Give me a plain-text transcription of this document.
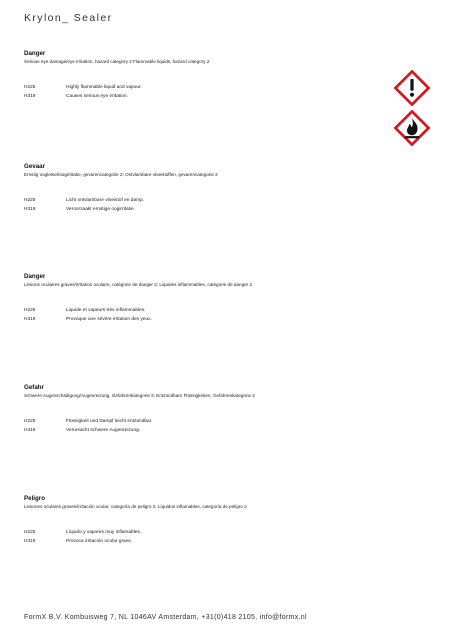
Krylon_ Sealer
Danger
Serious eye damage/eye irritation, hazard category 2 Flammable liquids, hazard category 2
H225	Highly flammable liquid and vapour.
H319	Causes serious eye irritation.
Gevaar
Ernstig oogletsel/oogirritatie, gevarencategorie 2; Ontvlambare vloeistoffen, gevarencategorie 2
H225	Licht ontvlambare vloeistof en damp.
H319	Veroorzaakt ernstige oogirritatie.
Danger
Lésions oculaires graves/irritation oculaire, catégorie de danger 2; Liquides inflammables, catégorie de danger 2
H225	Liquide et vapeurs très inflammables.
H319	Provoque une sévère irritation des yeux.
Gefahr
Schwere Augenschädigung/Augenreizung, Gefahrenkategorie 2; Entzündbare Flüssigkeiten, Gefahrenkategorie 2
H225	Flüssigkeit und Dampf leicht entzündbar.
H319	Verursacht schwere Augenreizung.
Peligro
Lesiones oculares graves/irritación ocular, categoría de peligro 2; Líquidos inflamables, categoría de peligro 2
H225	Líquido y vapores muy inflamables.
H319	Provoca irritación ocular grave.
FormX B.V. Kombuisweg 7, NL 1046AV Amsterdam, +31(0)418 2105, info@formx.nl
